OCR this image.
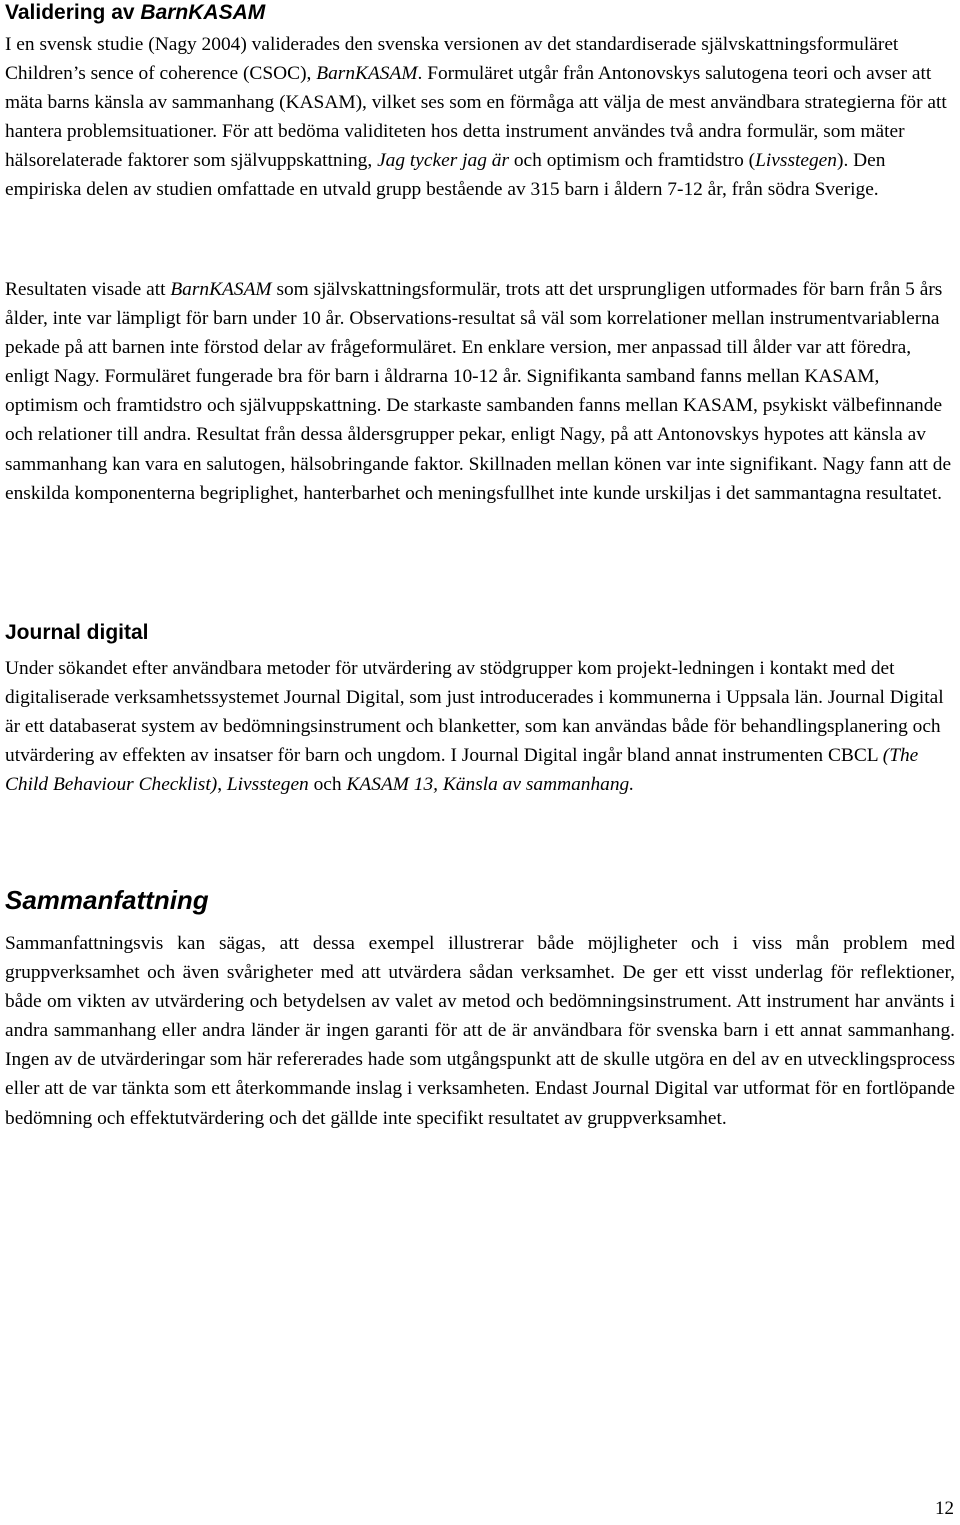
Validering av BarnKASAM

I en svensk studie (Nagy 2004) validerades den svenska versionen av det standardiserade självskattningsformuläret Children’s sence of coherence (CSOC), BarnKASAM. Formuläret utgår från Antonovskys salutogena teori och avser att mäta barns känsla av sammanhang (KASAM), vilket ses som en förmåga att välja de mest användbara strategierna för att hantera problemsituationer. För att bedöma validiteten hos detta instrument användes två andra formulär, som mäter hälsorelaterade faktorer som självuppskattning, Jag tycker jag är och optimism och framtidstro (Livsstegen). Den empiriska delen av studien omfattade en utvald grupp bestående av 315 barn i åldern 7-12 år, från södra Sverige.

Resultaten visade att BarnKASAM som självskattningsformulär, trots att det ursprungligen utformades för barn från 5 års ålder, inte var lämpligt för barn under 10 år. Observations-resultat så väl som korrelationer mellan instrumentvariablerna pekade på att barnen inte förstod delar av frågeformuläret. En enklare version, mer anpassad till ålder var att föredra, enligt Nagy. Formuläret fungerade bra för barn i åldrarna 10-12 år. Signifikanta samband fanns mellan KASAM, optimism och framtidstro och självuppskattning. De starkaste sambanden fanns mellan KASAM, psykiskt välbefinnande och relationer till andra. Resultat från dessa åldersgrupper pekar, enligt Nagy, på att Antonovskys hypotes att känsla av sammanhang kan vara en salutogen, hälsobringande faktor. Skillnaden mellan könen var inte signifikant. Nagy fann att de enskilda komponenterna begriplighet, hanterbarhet och meningsfullhet inte kunde urskiljas i det sammantagna resultatet.

Journal digital

Under sökandet efter användbara metoder för utvärdering av stödgrupper kom projekt-ledningen i kontakt med det digitaliserade verksamhetssystemet Journal Digital, som just introducerades i kommunerna i Uppsala län. Journal Digital är ett databaserat system av bedömningsinstrument och blanketter, som kan användas både för behandlingsplanering och utvärdering av effekten av insatser för barn och ungdom. I Journal Digital ingår bland annat instrumenten CBCL (The Child Behaviour Checklist), Livsstegen och KASAM 13, Känsla av sammanhang.

Sammanfattning

Sammanfattningsvis kan sägas, att dessa exempel illustrerar både möjligheter och i viss mån problem med gruppverksamhet och även svårigheter med att utvärdera sådan verksamhet. De ger ett visst underlag för reflektioner, både om vikten av utvärdering och betydelsen av valet av metod och bedömningsinstrument. Att instrument har använts i andra sammanhang eller andra länder är ingen garanti för att de är användbara för svenska barn i ett annat sammanhang. Ingen av de utvärderingar som här refererades hade som utgångspunkt att de skulle utgöra en del av en utvecklingsprocess eller att de var tänkta som ett återkommande inslag i verksamheten. Endast Journal Digital var utformat för en fortlöpande bedömning och effektutvärdering och det gällde inte specifikt resultatet av gruppverksamhet.

12
